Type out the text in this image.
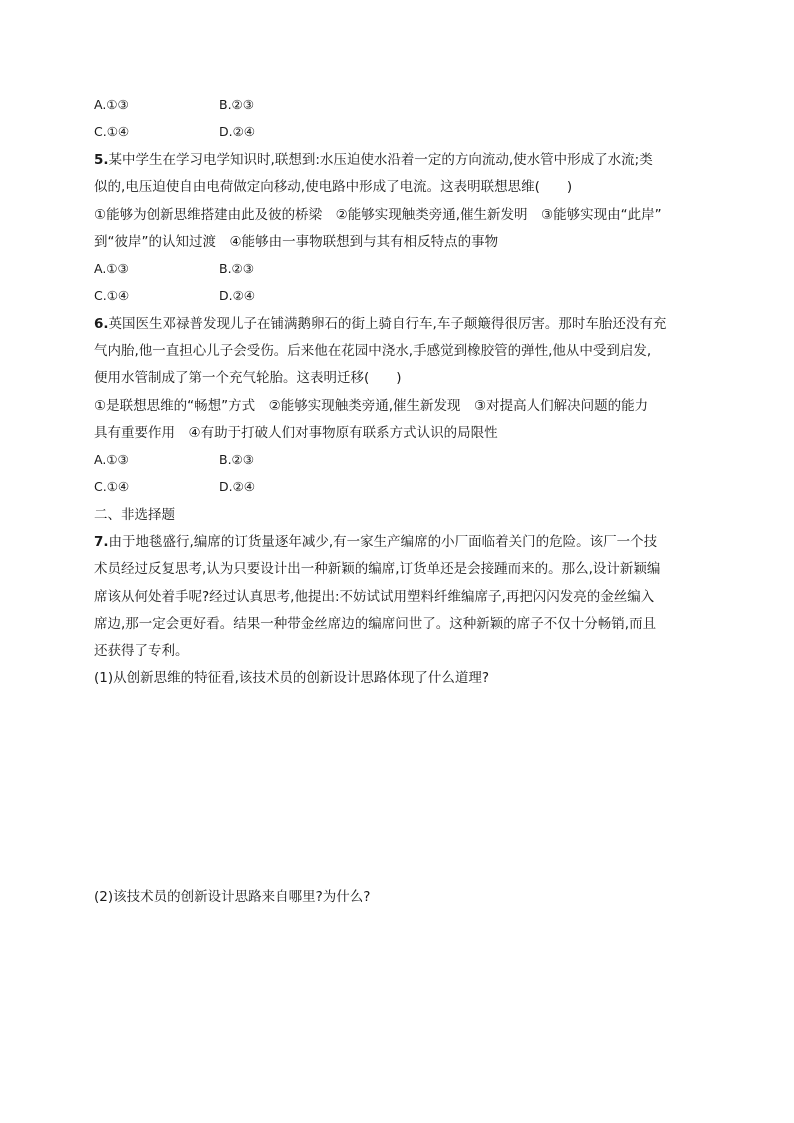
A.①③	B.②③
C.①④	D.②④
5.某中学生在学习电学知识时,联想到:水压迫使水沿着一定的方向流动,使水管中形成了水流;类
似的,电压迫使自由电荷做定向移动,使电路中形成了电流。这表明联想思维(　　)
①能够为创新思维搭建由此及彼的桥梁　②能够实现触类旁通,催生新发明　③能够实现由“此岸”
到“彼岸”的认知过渡　④能够由一事物联想到与其有相反特点的事物
A.①③	B.②③
C.①④	D.②④
6.英国医生邓禄普发现儿子在铺满鹅卵石的街上骑自行车,车子颠簸得很厉害。那时车胎还没有充
气内胎,他一直担心儿子会受伤。后来他在花园中浇水,手感觉到橡胶管的弹性,他从中受到启发,
便用水管制成了第一个充气轮胎。这表明迁移(　　)
①是联想思维的“畅想”方式　②能够实现触类旁通,催生新发现　③对提高人们解决问题的能力
具有重要作用　④有助于打破人们对事物原有联系方式认识的局限性
A.①③	B.②③
C.①④	D.②④
二、非选择题
7.由于地毯盛行,编席的订货量逐年减少,有一家生产编席的小厂面临着关门的危险。该厂一个技
术员经过反复思考,认为只要设计出一种新颖的编席,订货单还是会接踵而来的。那么,设计新颖编
席该从何处着手呢?经过认真思考,他提出:不妨试试用塑料纤维编席子,再把闪闪发亮的金丝编入
席边,那一定会更好看。结果一种带金丝席边的编席问世了。这种新颖的席子不仅十分畅销,而且
还获得了专利。
(1)从创新思维的特征看,该技术员的创新设计思路体现了什么道理?
(2)该技术员的创新设计思路来自哪里?为什么?
